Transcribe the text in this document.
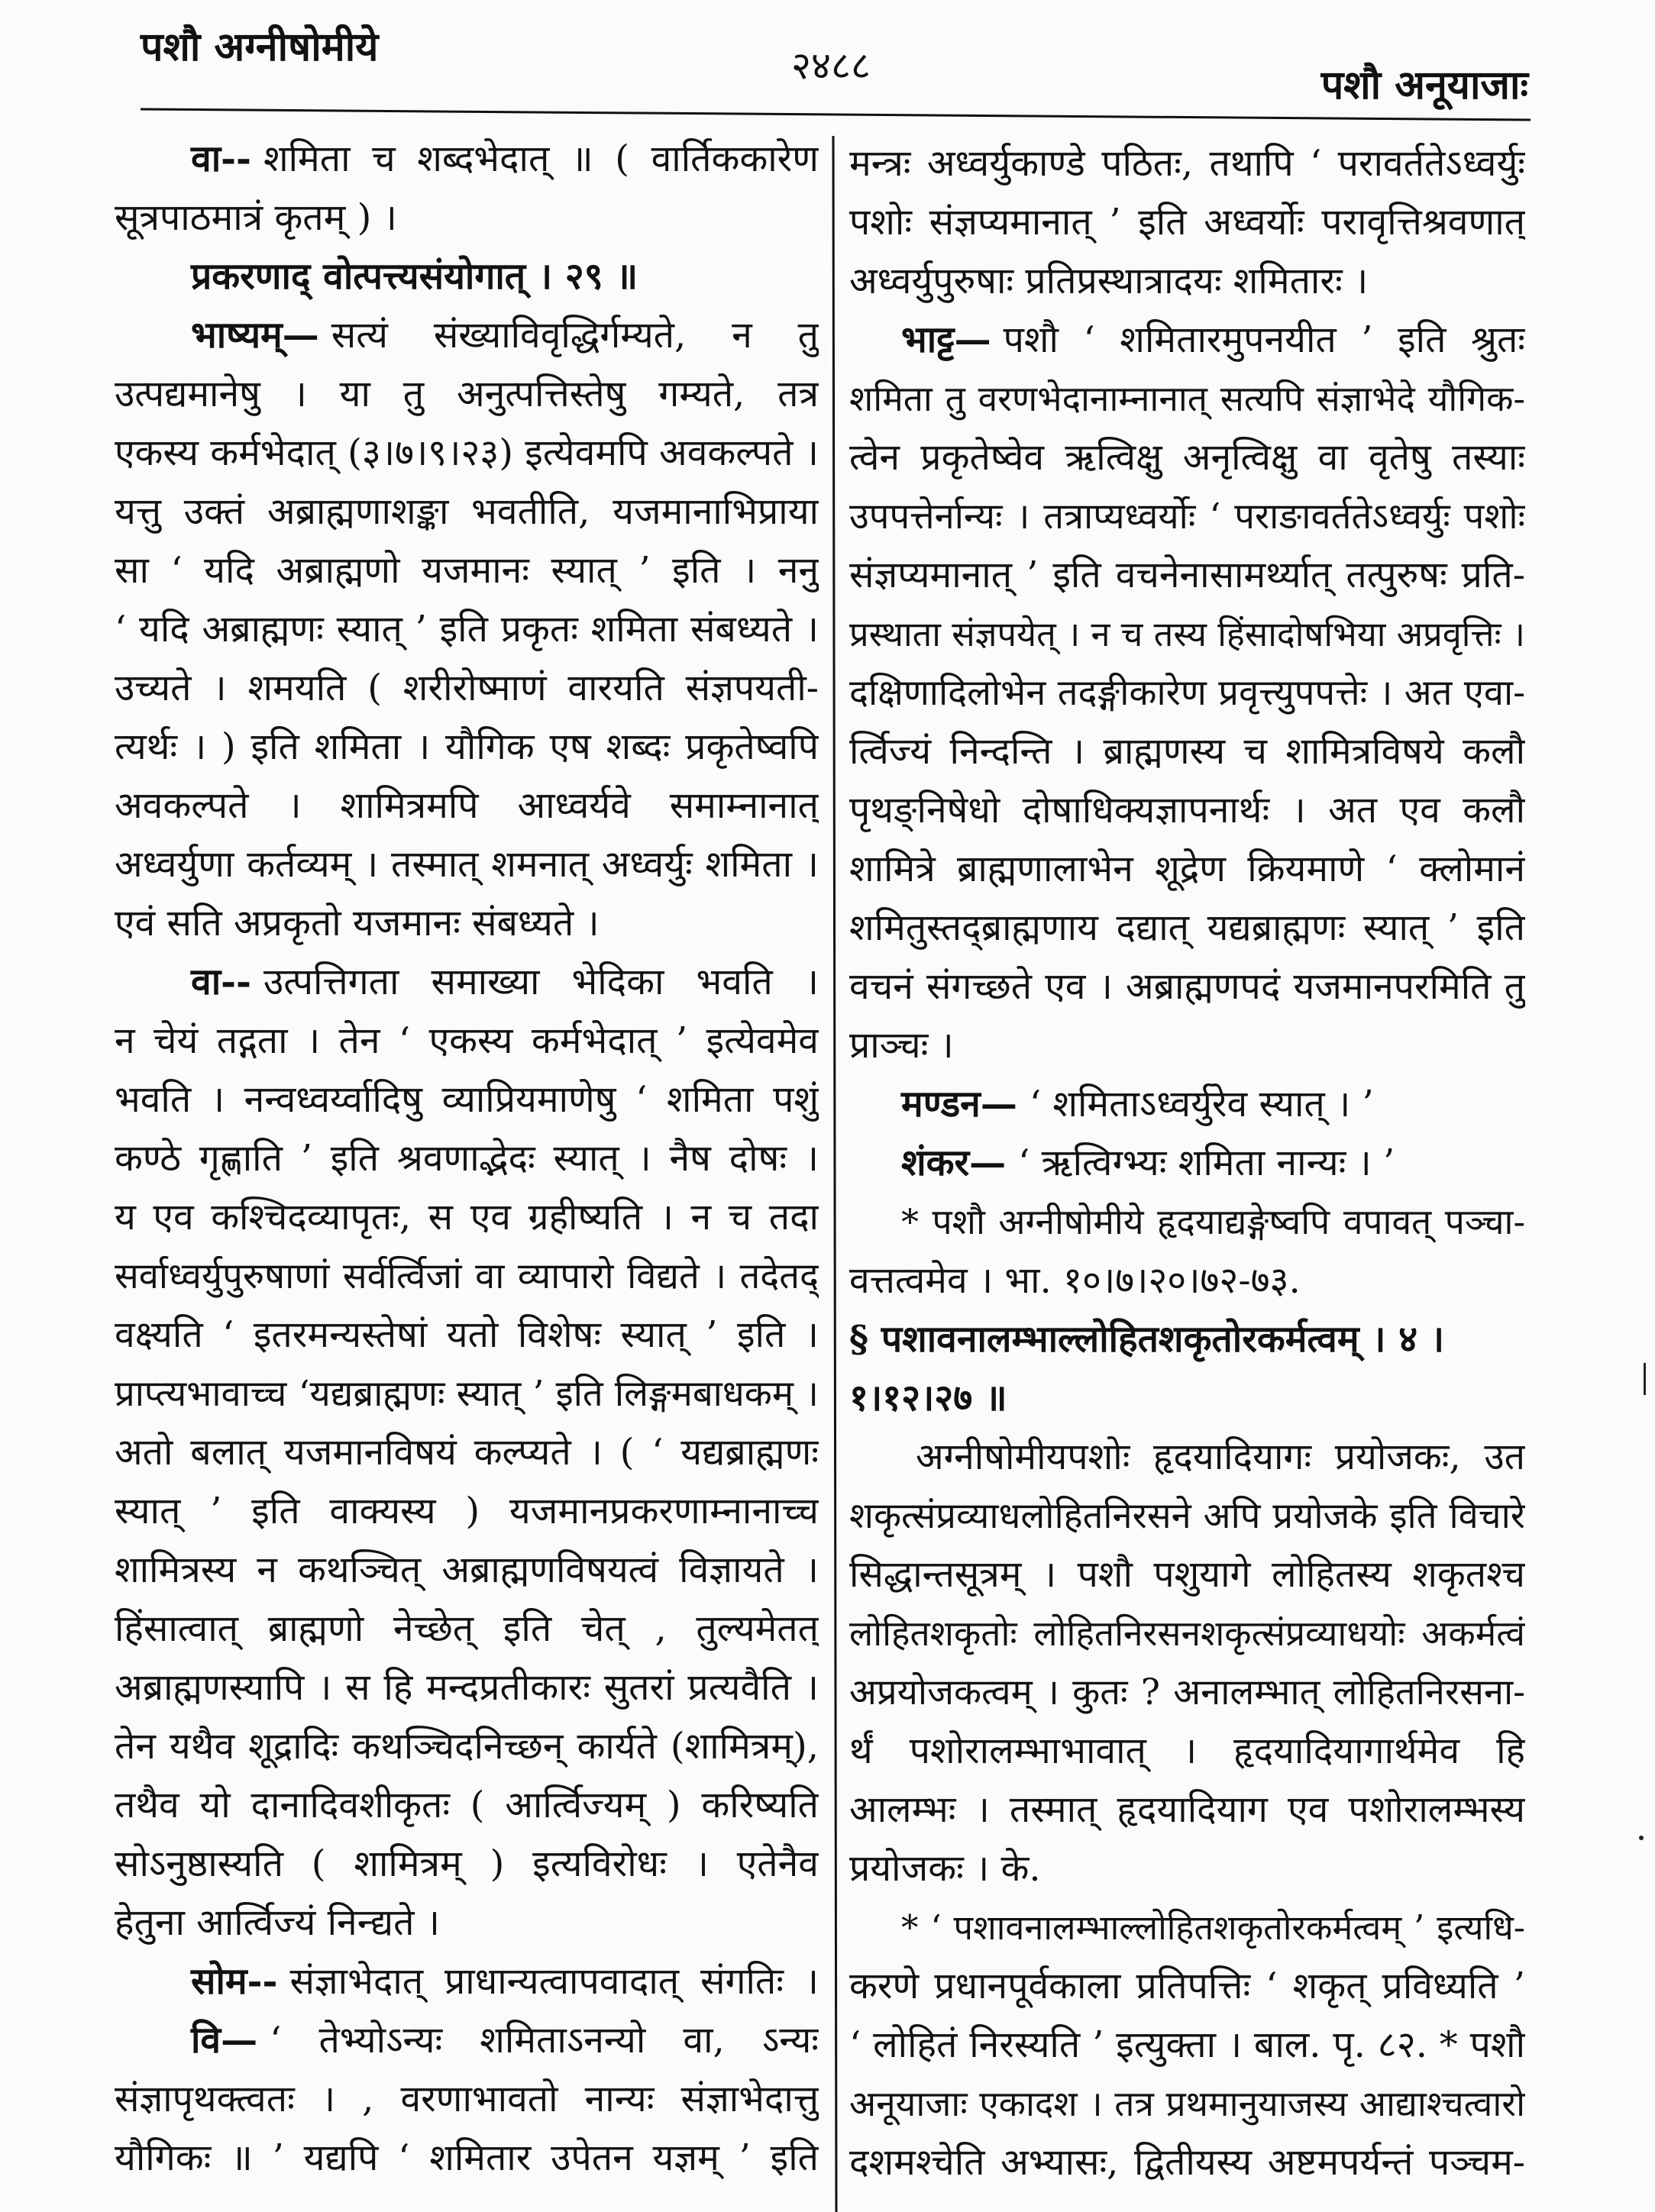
पशौ अग्नीषोमीये	२४८८	पशौ अनूयाजाः
वा-- शमिता च शब्दभेदात् ॥ ( वार्तिककारेण
सूत्रपाठमात्रं कृतम् ) ।
प्रकरणाद् वोत्पत्त्यसंयोगात् । २९ ॥
भाष्यम्— सत्यं संख्याविवृद्धिर्गम्यते, न तु
उत्पद्यमानेषु । या तु अनुत्पत्तिस्तेषु गम्यते, तत्र
एकस्य कर्मभेदात् (३।७।९।२३) इत्येवमपि अवकल्पते ।
यत्तु उक्तं अब्राह्मणाशङ्का भवतीति, यजमानाभिप्राया
सा ‘ यदि अब्राह्मणो यजमानः स्यात् ’ इति । ननु
‘ यदि अब्राह्मणः स्यात् ’ इति प्रकृतः शमिता संबध्यते ।
उच्यते । शमयति ( शरीरोष्माणं वारयति संज्ञपयती-
त्यर्थः । ) इति शमिता । यौगिक एष शब्दः प्रकृतेष्वपि
अवकल्पते । शामित्रमपि आध्वर्यवे समाम्नानात्
अध्वर्युणा कर्तव्यम् । तस्मात् शमनात् अध्वर्युः शमिता ।
एवं सति अप्रकृतो यजमानः संबध्यते ।
वा-- उत्पत्तिगता समाख्या भेदिका भवति ।
न चेयं तद्गता । तेन ‘ एकस्य कर्मभेदात् ’ इत्येवमेव
भवति । नन्वध्वर्य्वादिषु व्याप्रियमाणेषु ‘ शमिता पशुं
कण्ठे गृह्णाति ’ इति श्रवणाद्भेदः स्यात् । नैष दोषः ।
य एव कश्चिदव्यापृतः, स एव ग्रहीष्यति । न च तदा
सर्वाध्वर्युपुरुषाणां सर्वर्त्विजां वा व्यापारो विद्यते । तदेतद्
वक्ष्यति ‘ इतरमन्यस्तेषां यतो विशेषः स्यात् ’ इति ।
प्राप्त्यभावाच्च ‘यद्यब्राह्मणः स्यात् ’ इति लिङ्गमबाधकम् ।
अतो बलात् यजमानविषयं कल्प्यते । ( ‘ यद्यब्राह्मणः
स्यात् ’ इति वाक्यस्य ) यजमानप्रकरणाम्नानाच्च
शामित्रस्य न कथञ्चित् अब्राह्मणविषयत्वं विज्ञायते ।
हिंसात्वात् ब्राह्मणो नेच्छेत् इति चेत् , तुल्यमेतत्
अब्राह्मणस्यापि । स हि मन्दप्रतीकारः सुतरां प्रत्यवैति ।
तेन यथैव शूद्रादिः कथञ्चिदनिच्छन् कार्यते (शामित्रम्),
तथैव यो दानादिवशीकृतः ( आर्त्विज्यम् ) करिष्यति
सोऽनुष्ठास्यति ( शामित्रम् ) इत्यविरोधः । एतेनैव
हेतुना आर्त्विज्यं निन्द्यते ।
सोम-- संज्ञाभेदात् प्राधान्यत्वापवादात् संगतिः ।
वि— ‘ तेभ्योऽन्यः शमिताऽनन्यो वा, ऽन्यः
संज्ञापृथक्त्वतः । , वरणाभावतो नान्यः संज्ञाभेदात्तु
यौगिकः ॥ ’ यद्यपि ‘ शमितार उपेतन यज्ञम् ’ इति
मन्त्रः अध्वर्युकाण्डे पठितः, तथापि ‘ परावर्ततेऽध्वर्युः
पशोः संज्ञप्यमानात् ’ इति अध्वर्योः परावृत्तिश्रवणात्
अध्वर्युपुरुषाः प्रतिप्रस्थात्रादयः शमितारः ।
भाट्ट— पशौ ‘ शमितारमुपनयीत ’ इति श्रुतः
शमिता तु वरणभेदानाम्नानात् सत्यपि संज्ञाभेदे यौगिक-
त्वेन प्रकृतेष्वेव ऋत्विक्षु अनृत्विक्षु वा वृतेषु तस्याः
उपपत्तेर्नान्यः । तत्राप्यध्वर्योः ‘ पराङावर्ततेऽध्वर्युः पशोः
संज्ञप्यमानात् ’ इति वचनेनासामर्थ्यात् तत्पुरुषः प्रति-
प्रस्थाता संज्ञपयेत् । न च तस्य हिंसादोषभिया अप्रवृत्तिः ।
दक्षिणादिलोभेन तदङ्गीकारेण प्रवृत्त्युपपत्तेः । अत एवा-
र्त्विज्यं निन्दन्ति । ब्राह्मणस्य च शामित्रविषये कलौ
पृथङ्निषेधो दोषाधिक्यज्ञापनार्थः । अत एव कलौ
शामित्रे ब्राह्मणालाभेन शूद्रेण क्रियमाणे ‘ क्लोमानं
शमितुस्तद्ब्राह्मणाय दद्यात् यद्यब्राह्मणः स्यात् ’ इति
वचनं संगच्छते एव । अब्राह्मणपदं यजमानपरमिति तु
प्राञ्चः ।
मण्डन— ‘ शमिताऽध्वर्युरेव स्यात् । ’
शंकर— ‘ ऋत्विग्भ्यः शमिता नान्यः । ’
* पशौ अग्नीषोमीये हृदयाद्यङ्गेष्वपि वपावत् पञ्चा-
वत्तत्वमेव । भा. १०।७।२०।७२-७३.
§ पशावनालम्भाल्लोहितशकृतोरकर्मत्वम् । ४ ।
१।१२।२७ ॥
अग्नीषोमीयपशोः हृदयादियागः प्रयोजकः, उत
शकृत्संप्रव्याधलोहितनिरसने अपि प्रयोजके इति विचारे
सिद्धान्तसूत्रम् । पशौ पशुयागे लोहितस्य शकृतश्च
लोहितशकृतोः लोहितनिरसनशकृत्संप्रव्याधयोः अकर्मत्वं
अप्रयोजकत्वम् । कुतः ? अनालम्भात् लोहितनिरसना-
र्थं पशोरालम्भाभावात् । हृदयादियागार्थमेव हि
आलम्भः । तस्मात् हृदयादियाग एव पशोरालम्भस्य
प्रयोजकः । के.
* ‘ पशावनालम्भाल्लोहितशकृतोरकर्मत्वम् ’ इत्यधि-
करणे प्रधानपूर्वकाला प्रतिपत्तिः ‘ शकृत् प्रविध्यति ’
‘ लोहितं निरस्यति ’ इत्युक्ता । बाल. पृ. ८२. * पशौ
अनूयाजाः एकादश । तत्र प्रथमानुयाजस्य आद्याश्चत्वारो
दशमश्चेति अभ्यासः, द्वितीयस्य अष्टमपर्यन्तं पञ्चम-
